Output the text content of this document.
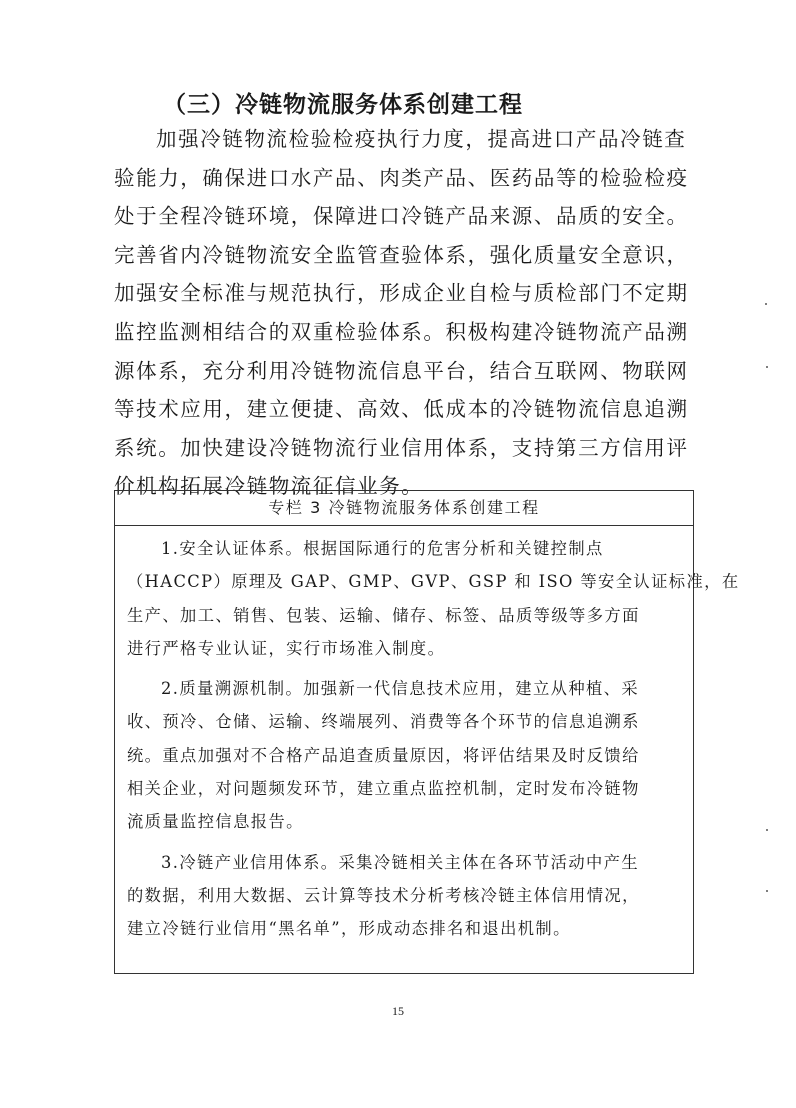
（三）冷链物流服务体系创建工程
加强冷链物流检验检疫执行力度，提高进口产品冷链查
验能力，确保进口水产品、肉类产品、医药品等的检验检疫
处于全程冷链环境，保障进口冷链产品来源、品质的安全。
完善省内冷链物流安全监管查验体系，强化质量安全意识，
加强安全标准与规范执行，形成企业自检与质检部门不定期
监控监测相结合的双重检验体系。积极构建冷链物流产品溯
源体系，充分利用冷链物流信息平台，结合互联网、物联网
等技术应用，建立便捷、高效、低成本的冷链物流信息追溯
系统。加快建设冷链物流行业信用体系，支持第三方信用评
价机构拓展冷链物流征信业务。
专栏 3 冷链物流服务体系创建工程
1.安全认证体系。根据国际通行的危害分析和关键控制点
（HACCP）原理及 GAP、GMP、GVP、GSP 和 ISO 等安全认证标准，在
生产、加工、销售、包装、运输、储存、标签、品质等级等多方面
进行严格专业认证，实行市场准入制度。
2.质量溯源机制。加强新一代信息技术应用，建立从种植、采
收、预冷、仓储、运输、终端展列、消费等各个环节的信息追溯系
统。重点加强对不合格产品追查质量原因，将评估结果及时反馈给
相关企业，对问题频发环节，建立重点监控机制，定时发布冷链物
流质量监控信息报告。
3.冷链产业信用体系。采集冷链相关主体在各环节活动中产生
的数据，利用大数据、云计算等技术分析考核冷链主体信用情况，
建立冷链行业信用“黑名单”，形成动态排名和退出机制。
15
